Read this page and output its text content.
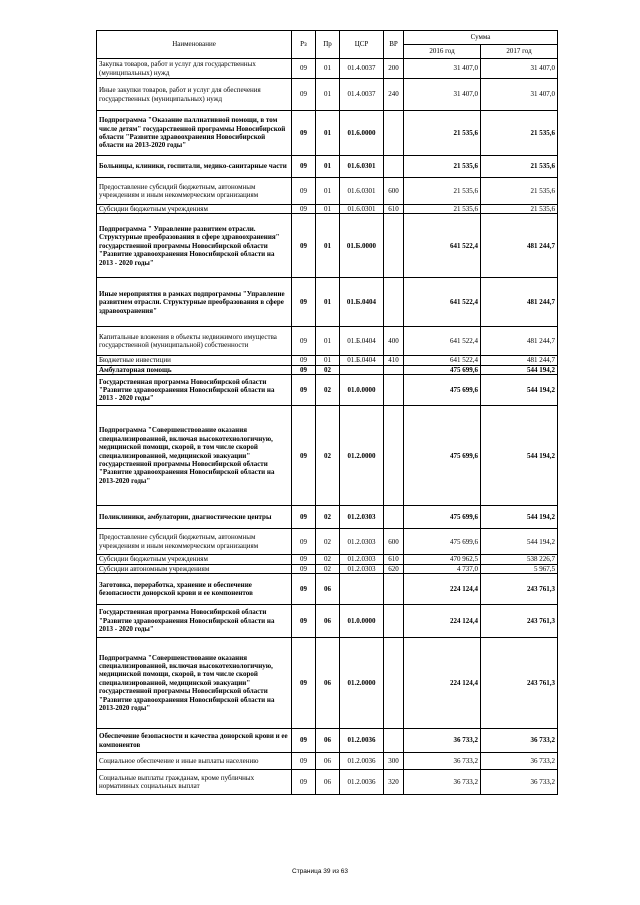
Наименование	Рз	Пр	ЦСР	ВР	Сумма	
					2016 год	2017 год
Закупка товаров, работ и услуг для государственных (муниципальных) нужд	09	01	01.4.0037	200	31 407,0	31 407,0
Иные закупки товаров, работ и услуг для обеспечения государственных (муниципальных) нужд	09	01	01.4.0037	240	31 407,0	31 407,0
Подпрограмма "Оказание паллиативной помощи, в том числе детям" государственной программы Новосибирской области "Развитие здравоохранения Новосибирской области на 2013-2020 годы"	09	01	01.6.0000		21 535,6	21 535,6
Больницы, клиники, госпитали, медико-санитарные части	09	01	01.6.0301		21 535,6	21 535,6
Предоставление субсидий бюджетным, автономным учреждениям и иным некоммерческим организациям	09	01	01.6.0301	600	21 535,6	21 535,6
Субсидии бюджетным учреждениям	09	01	01.6.0301	610	21 535,6	21 535,6
Подпрограмма " Управление развитием отрасли. Структурные преобразования в сфере здравоохранения" государственной программы Новосибирской области "Развитие здравоохранения Новосибирской области на 2013 - 2020 годы"	09	01	01.Б.0000		641 522,4	481 244,7
Иные мероприятия в рамках подпрограммы "Управление развитием отрасли. Структурные преобразования в сфере здравоохранения"	09	01	01.Б.0404		641 522,4	481 244,7
Капитальные вложения в объекты недвижимого имущества государственной (муниципальной) собственности	09	01	01.Б.0404	400	641 522,4	481 244,7
Бюджетные инвестиции	09	01	01.Б.0404	410	641 522,4	481 244,7
Амбулаторная помощь	09	02			475 699,6	544 194,2
Государственная программа Новосибирской области "Развитие здравоохранения Новосибирской области на 2013 - 2020 годы"	09	02	01.0.0000		475 699,6	544 194,2
Подпрограмма "Совершенствование оказания специализированной, включая высокотехнологичную, медицинской помощи, скорой, в том числе скорой специализированной, медицинской эвакуации" государственной программы Новосибирской области "Развитие здравоохранения Новосибирской области на 2013-2020 годы"	09	02	01.2.0000		475 699,6	544 194,2
Поликлиники, амбулатории, диагностические центры	09	02	01.2.0303		475 699,6	544 194,2
Предоставление субсидий бюджетным, автономным учреждениям и иным некоммерческим организациям	09	02	01.2.0303	600	475 699,6	544 194,2
Субсидии бюджетным учреждениям	09	02	01.2.0303	610	470 962,5	538 226,7
Субсидии автономным учреждениям	09	02	01.2.0303	620	4 737,0	5 967,5
Заготовка, переработка, хранение и обеспечение безопасности донорской крови и ее компонентов	09	06			224 124,4	243 761,3
Государственная программа Новосибирской области "Развитие здравоохранения Новосибирской области на 2013 - 2020 годы"	09	06	01.0.0000		224 124,4	243 761,3
Подпрограмма "Совершенствование оказания специализированной, включая высокотехнологичную, медицинской помощи, скорой, в том числе скорой специализированной, медицинской эвакуации" государственной программы Новосибирской области "Развитие здравоохранения Новосибирской области на 2013-2020 годы"	09	06	01.2.0000		224 124,4	243 761,3
Обеспечение безопасности и качества донорской крови и ее компонентов	09	06	01.2.0036		36 733,2	36 733,2
Социальное обеспечение и иные выплаты населению	09	06	01.2.0036	300	36 733,2	36 733,2
Социальные выплаты гражданам, кроме публичных нормативных социальных выплат	09	06	01.2.0036	320	36 733,2	36 733,2
Страница 39 из 63
